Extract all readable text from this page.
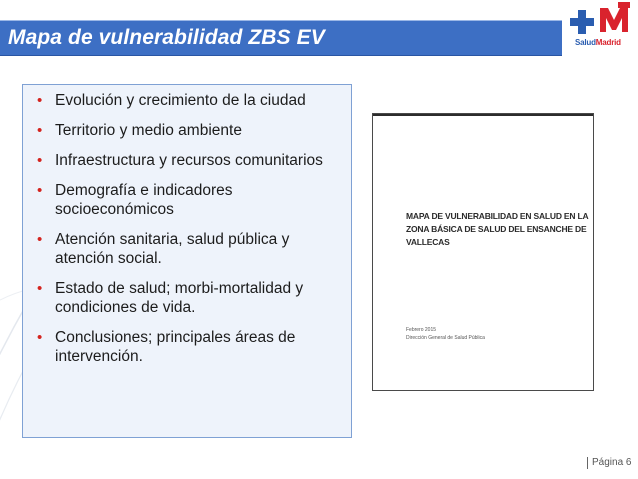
Mapa de vulnerabilidad ZBS EV	SaludMadrid
• Evolución y crecimiento de la ciudad
• Territorio y medio ambiente
• Infraestructura y recursos comunitarios
• Demografía e indicadores socioeconómicos
• Atención sanitaria, salud pública y atención social.
• Estado de salud; morbi-mortalidad y condiciones de vida.
• Conclusiones; principales áreas de intervención.
MAPA DE VULNERABILIDAD EN SALUD EN LA ZONA BÁSICA DE SALUD DEL ENSANCHE DE VALLECAS
Febrero 2015
Dirección General de Salud Pública
Página 6
